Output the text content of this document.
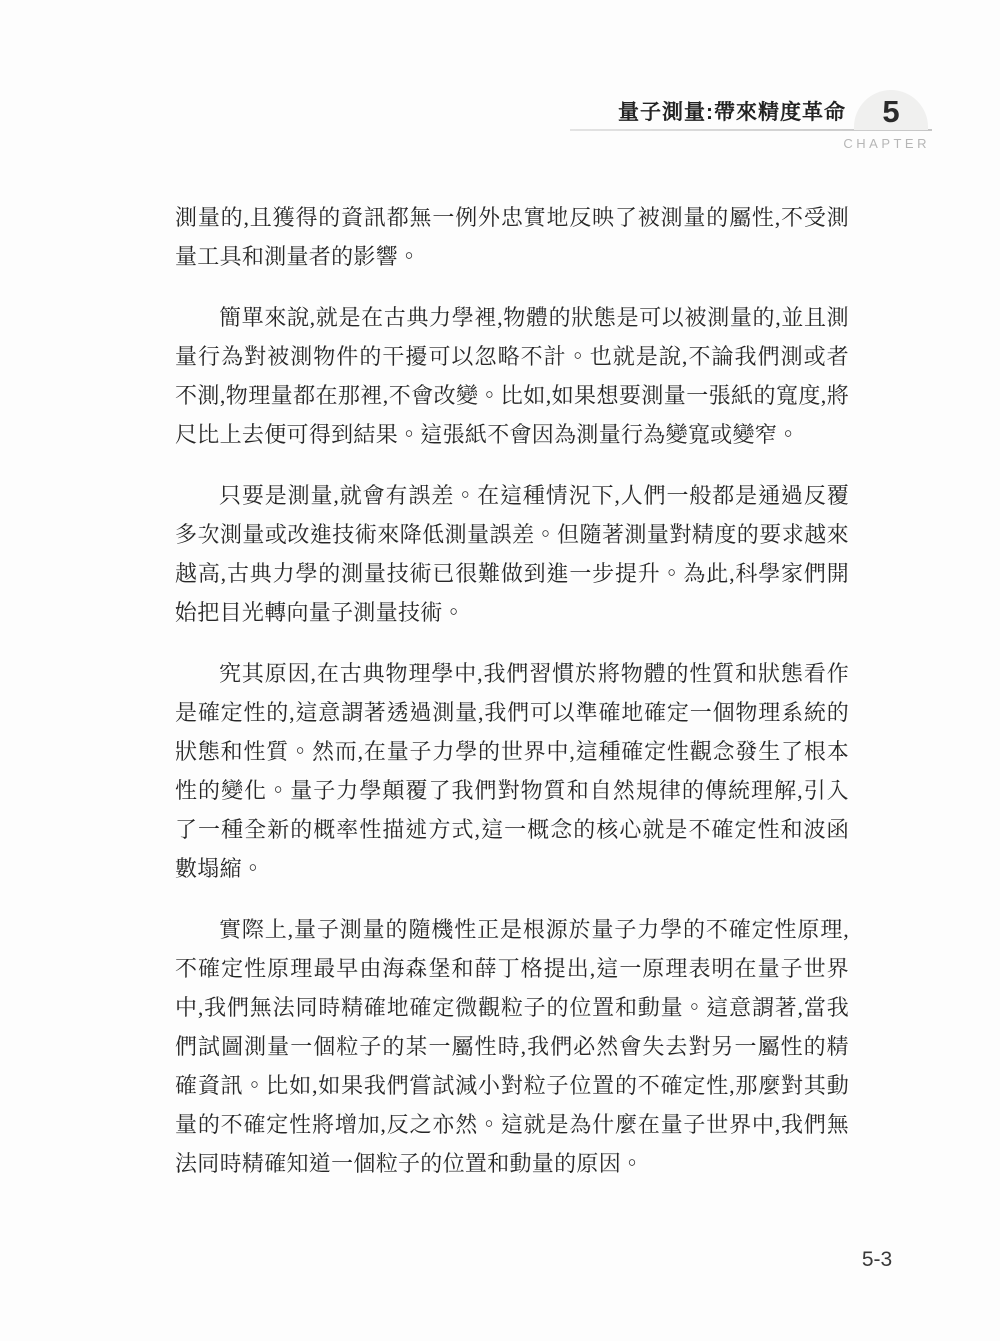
量子測量:帶來精度革命 5
CHAPTER

測量的,且獲得的資訊都無一例外忠實地反映了被測量的屬性,不受測量工具和測量者的影響。

簡單來說,就是在古典力學裡,物體的狀態是可以被測量的,並且測量行為對被測物件的干擾可以忽略不計。也就是說,不論我們測或者不測,物理量都在那裡,不會改變。比如,如果想要測量一張紙的寬度,將尺比上去便可得到結果。這張紙不會因為測量行為變寬或變窄。

只要是測量,就會有誤差。在這種情況下,人們一般都是通過反覆多次測量或改進技術來降低測量誤差。但隨著測量對精度的要求越來越高,古典力學的測量技術已很難做到進一步提升。為此,科學家們開始把目光轉向量子測量技術。

究其原因,在古典物理學中,我們習慣於將物體的性質和狀態看作是確定性的,這意謂著透過測量,我們可以準確地確定一個物理系統的狀態和性質。然而,在量子力學的世界中,這種確定性觀念發生了根本性的變化。量子力學顛覆了我們對物質和自然規律的傳統理解,引入了一種全新的概率性描述方式,這一概念的核心就是不確定性和波函數塌縮。

實際上,量子測量的隨機性正是根源於量子力學的不確定性原理,不確定性原理最早由海森堡和薛丁格提出,這一原理表明在量子世界中,我們無法同時精確地確定微觀粒子的位置和動量。這意謂著,當我們試圖測量一個粒子的某一屬性時,我們必然會失去對另一屬性的精確資訊。比如,如果我們嘗試減小對粒子位置的不確定性,那麼對其動量的不確定性將增加,反之亦然。這就是為什麼在量子世界中,我們無法同時精確知道一個粒子的位置和動量的原因。

5-3
